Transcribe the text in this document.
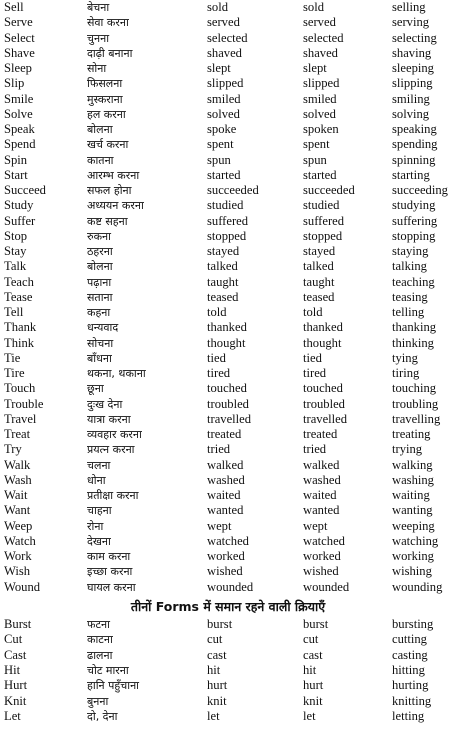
Sell	बेचना	sold	sold	selling
Serve	सेवा करना	served	served	serving
Select	चुनना	selected	selected	selecting
Shave	दाढ़ी बनाना	shaved	shaved	shaving
Sleep	सोना	slept	slept	sleeping
Slip	फिसलना	slipped	slipped	slipping
Smile	मुस्कराना	smiled	smiled	smiling
Solve	हल करना	solved	solved	solving
Speak	बोलना	spoke	spoken	speaking
Spend	खर्च करना	spent	spent	spending
Spin	कातना	spun	spun	spinning
Start	आरम्भ करना	started	started	starting
Succeed	सफल होना	succeeded	succeeded	succeeding
Study	अध्ययन करना	studied	studied	studying
Suffer	कष्ट सहना	suffered	suffered	suffering
Stop	रुकना	stopped	stopped	stopping
Stay	ठहरना	stayed	stayed	staying
Talk	बोलना	talked	talked	talking
Teach	पढ़ाना	taught	taught	teaching
Tease	सताना	teased	teased	teasing
Tell	कहना	told	told	telling
Thank	धन्यवाद	thanked	thanked	thanking
Think	सोचना	thought	thought	thinking
Tie	बाँधना	tied	tied	tying
Tire	थकना, थकाना	tired	tired	tiring
Touch	छूना	touched	touched	touching
Trouble	दुःख देना	troubled	troubled	troubling
Travel	यात्रा करना	travelled	travelled	travelling
Treat	व्यवहार करना	treated	treated	treating
Try	प्रयत्न करना	tried	tried	trying
Walk	चलना	walked	walked	walking
Wash	धोना	washed	washed	washing
Wait	प्रतीक्षा करना	waited	waited	waiting
Want	चाहना	wanted	wanted	wanting
Weep	रोना	wept	wept	weeping
Watch	देखना	watched	watched	watching
Work	काम करना	worked	worked	working
Wish	इच्छा करना	wished	wished	wishing
Wound	घायल करना	wounded	wounded	wounding
तीनों Forms में समान रहने वाली क्रियाएँ
Burst	फटना	burst	burst	bursting
Cut	काटना	cut	cut	cutting
Cast	ढालना	cast	cast	casting
Hit	चोट मारना	hit	hit	hitting
Hurt	हानि पहुँचाना	hurt	hurt	hurting
Knit	बुनना	knit	knit	knitting
Let	दो, देना	let	let	letting
